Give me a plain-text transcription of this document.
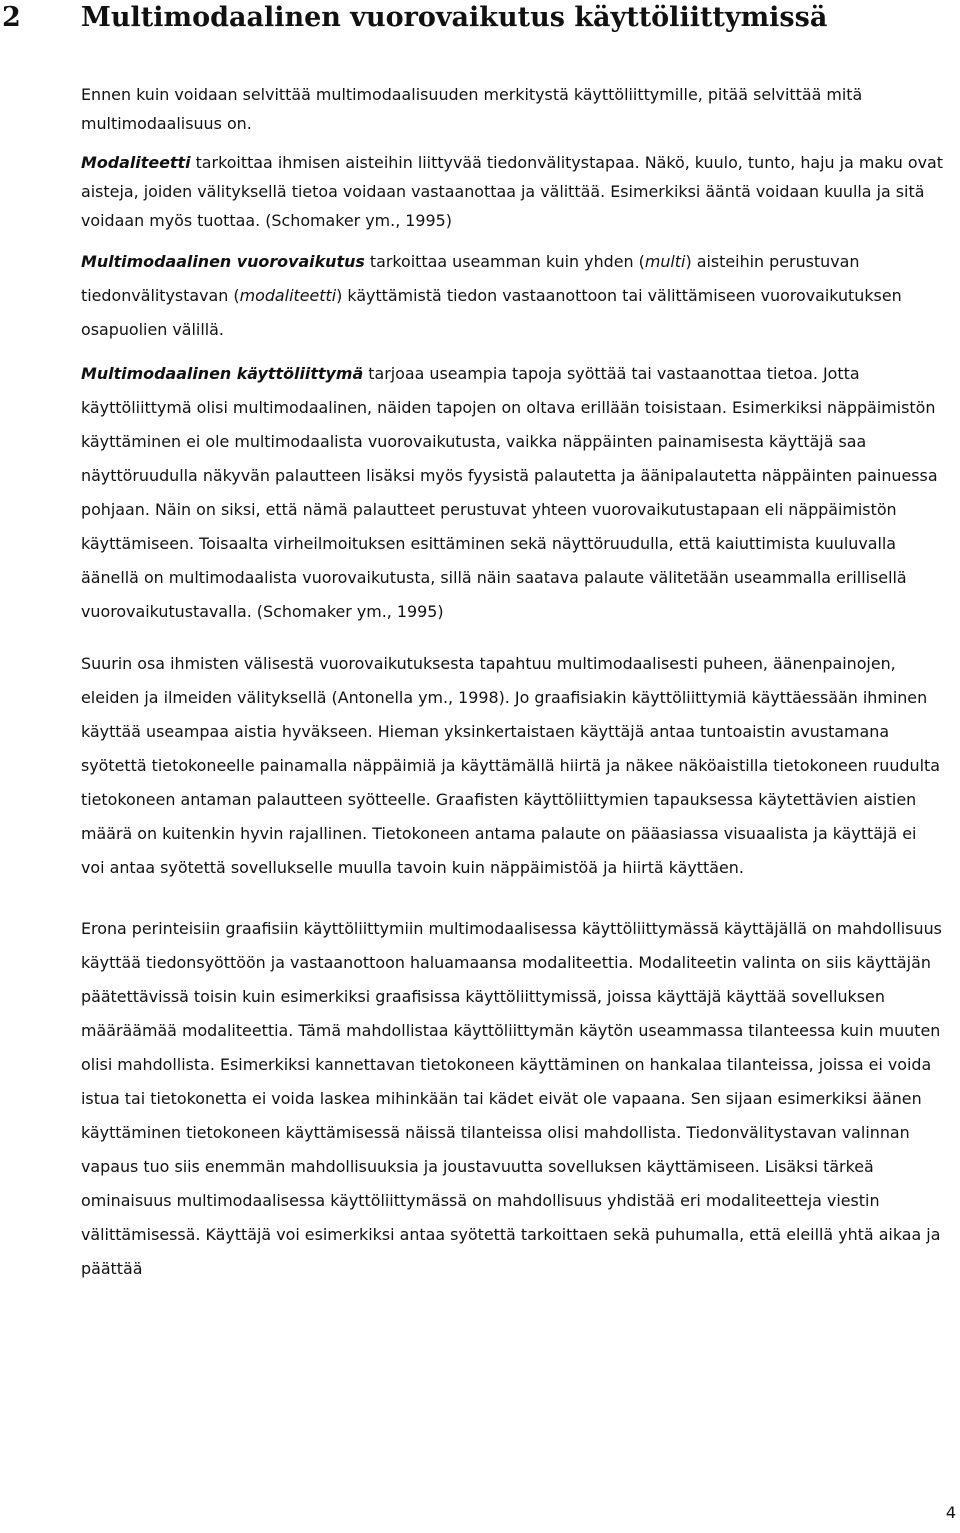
2 Multimodaalinen vuorovaikutus käyttöliittymissä

Ennen kuin voidaan selvittää multimodaalisuuden merkitystä käyttöliittymille, pitää selvittää mitä multimodaalisuus on.

Modaliteetti tarkoittaa ihmisen aisteihin liittyvää tiedonvälitystapaa. Näkö, kuulo, tunto, haju ja maku ovat aisteja, joiden välityksellä tietoa voidaan vastaanottaa ja välittää. Esimerkiksi ääntä voidaan kuulla ja sitä voidaan myös tuottaa. (Schomaker ym., 1995)

Multimodaalinen vuorovaikutus tarkoittaa useamman kuin yhden (multi) aisteihin perustuvan tiedonvälitystavan (modaliteetti) käyttämistä tiedon vastaanottoon tai välittämiseen vuorovaikutuksen osapuolien välillä.

Multimodaalinen käyttöliittymä tarjoaa useampia tapoja syöttää tai vastaanottaa tietoa. Jotta käyttöliittymä olisi multimodaalinen, näiden tapojen on oltava erillään toisistaan. Esimerkiksi näppäimistön käyttäminen ei ole multimodaalista vuorovaikutusta, vaikka näppäinten painamisesta käyttäjä saa näyttöruudulla näkyvän palautteen lisäksi myös fyysistä palautetta ja äänipalautetta näppäinten painuessa pohjaan. Näin on siksi, että nämä palautteet perustuvat yhteen vuorovaikutustapaan eli näppäimistön käyttämiseen. Toisaalta virheilmoituksen esittäminen sekä näyttöruudulla, että kaiuttimista kuuluvalla äänellä on multimodaalista vuorovaikutusta, sillä näin saatava palaute välitetään useammalla erillisellä vuorovaikutustavalla. (Schomaker ym., 1995)

Suurin osa ihmisten välisestä vuorovaikutuksesta tapahtuu multimodaalisesti puheen, äänenpainojen, eleiden ja ilmeiden välityksellä (Antonella ym., 1998). Jo graafisiakin käyttöliittymiä käyttäessään ihminen käyttää useampaa aistia hyväkseen. Hieman yksinkertaistaen käyttäjä antaa tuntoaistin avustamana syötettä tietokoneelle painamalla näppäimiä ja käyttämällä hiirtä ja näkee näköaistilla tietokoneen ruudulta tietokoneen antaman palautteen syötteelle. Graafisten käyttöliittymien tapauksessa käytettävien aistien määrä on kuitenkin hyvin rajallinen. Tietokoneen antama palaute on pääasiassa visuaalista ja käyttäjä ei voi antaa syötettä sovellukselle muulla tavoin kuin näppäimistöä ja hiirtä käyttäen.

Erona perinteisiin graafisiin käyttöliittymiin multimodaalisessa käyttöliittymässä käyttäjällä on mahdollisuus käyttää tiedonsyöttöön ja vastaanottoon haluamaansa modaliteettia. Modaliteetin valinta on siis käyttäjän päätettävissä toisin kuin esimerkiksi graafisissa käyttöliittymissä, joissa käyttäjä käyttää sovelluksen määräämää modaliteettia. Tämä mahdollistaa käyttöliittymän käytön useammassa tilanteessa kuin muuten olisi mahdollista. Esimerkiksi kannettavan tietokoneen käyttäminen on hankalaa tilanteissa, joissa ei voida istua tai tietokonetta ei voida laskea mihinkään tai kädet eivät ole vapaana. Sen sijaan esimerkiksi äänen käyttäminen tietokoneen käyttämisessä näissä tilanteissa olisi mahdollista. Tiedonvälitystavan valinnan vapaus tuo siis enemmän mahdollisuuksia ja joustavuutta sovelluksen käyttämiseen. Lisäksi tärkeä ominaisuus multimodaalisessa käyttöliittymässä on mahdollisuus yhdistää eri modaliteetteja viestin välittämisessä. Käyttäjä voi esimerkiksi antaa syötettä tarkoittaen sekä puhumalla, että eleillä yhtä aikaa ja päättää

4
